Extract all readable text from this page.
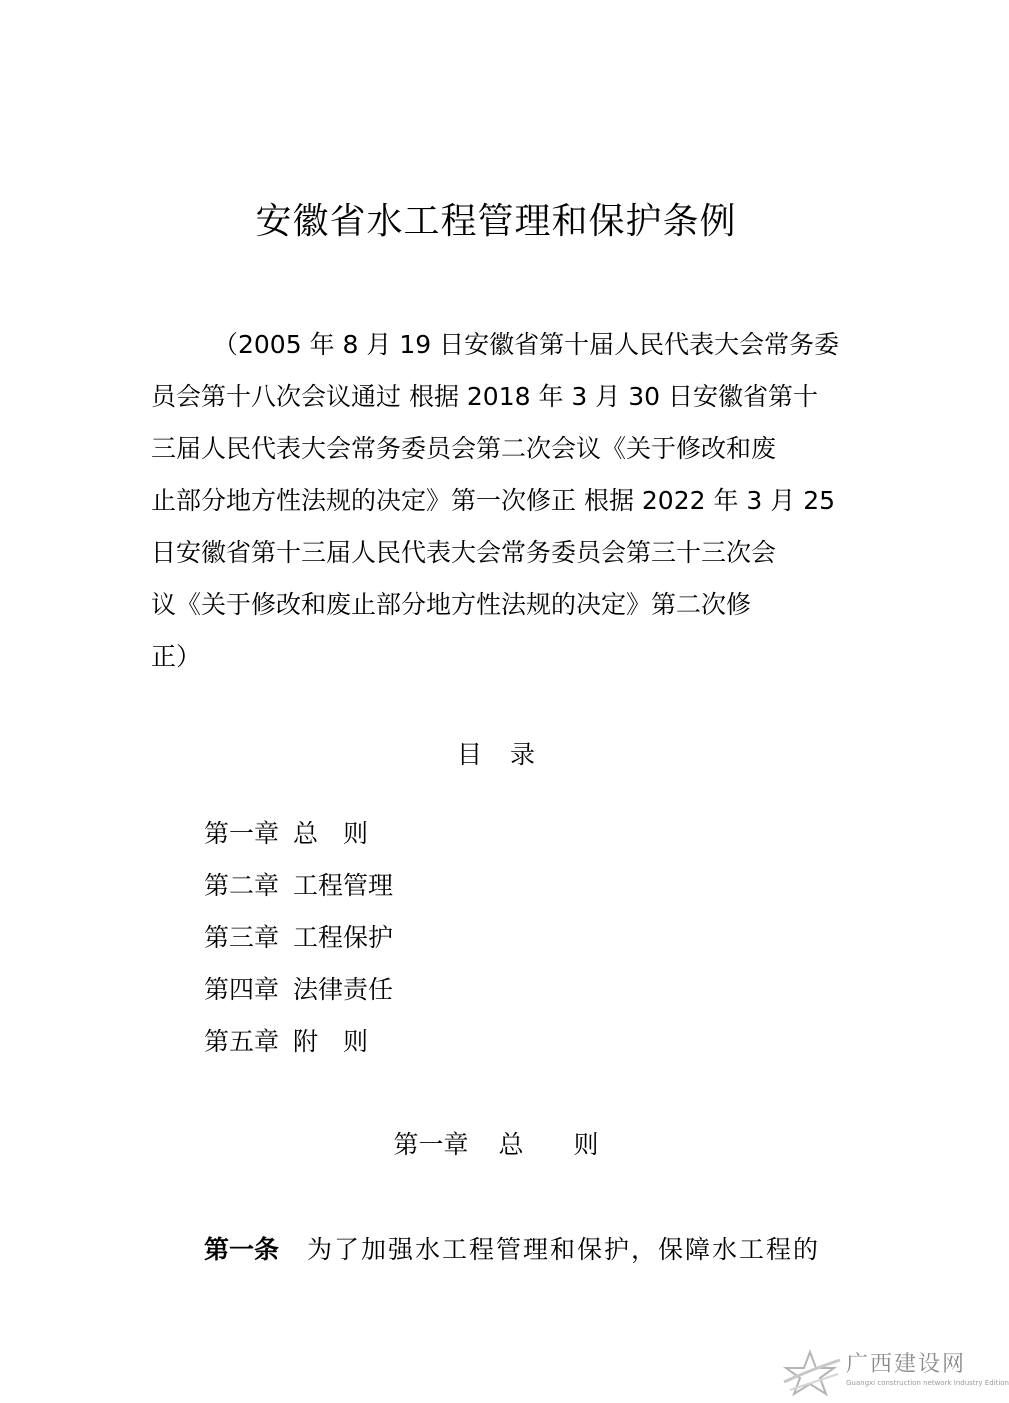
安徽省水工程管理和保护条例
（2005 年 8 月 19 日安徽省第十届人民代表大会常务委
员会第十八次会议通过 根据 2018 年 3 月 30 日安徽省第十
三届人民代表大会常务委员会第二次会议《关于修改和废
止部分地方性法规的决定》第一次修正 根据 2022 年 3 月 25
日安徽省第十三届人民代表大会常务委员会第三十三次会
议《关于修改和废止部分地方性法规的决定》第二次修
正）
目 录
第一章 总　则
第二章 工程管理
第三章 工程保护
第四章 法律责任
第五章 附　则
第一章 总 则
第一条 为了加强水工程管理和保护，保障水工程的
广西建设网
Guangxi construction network Industry Edition
